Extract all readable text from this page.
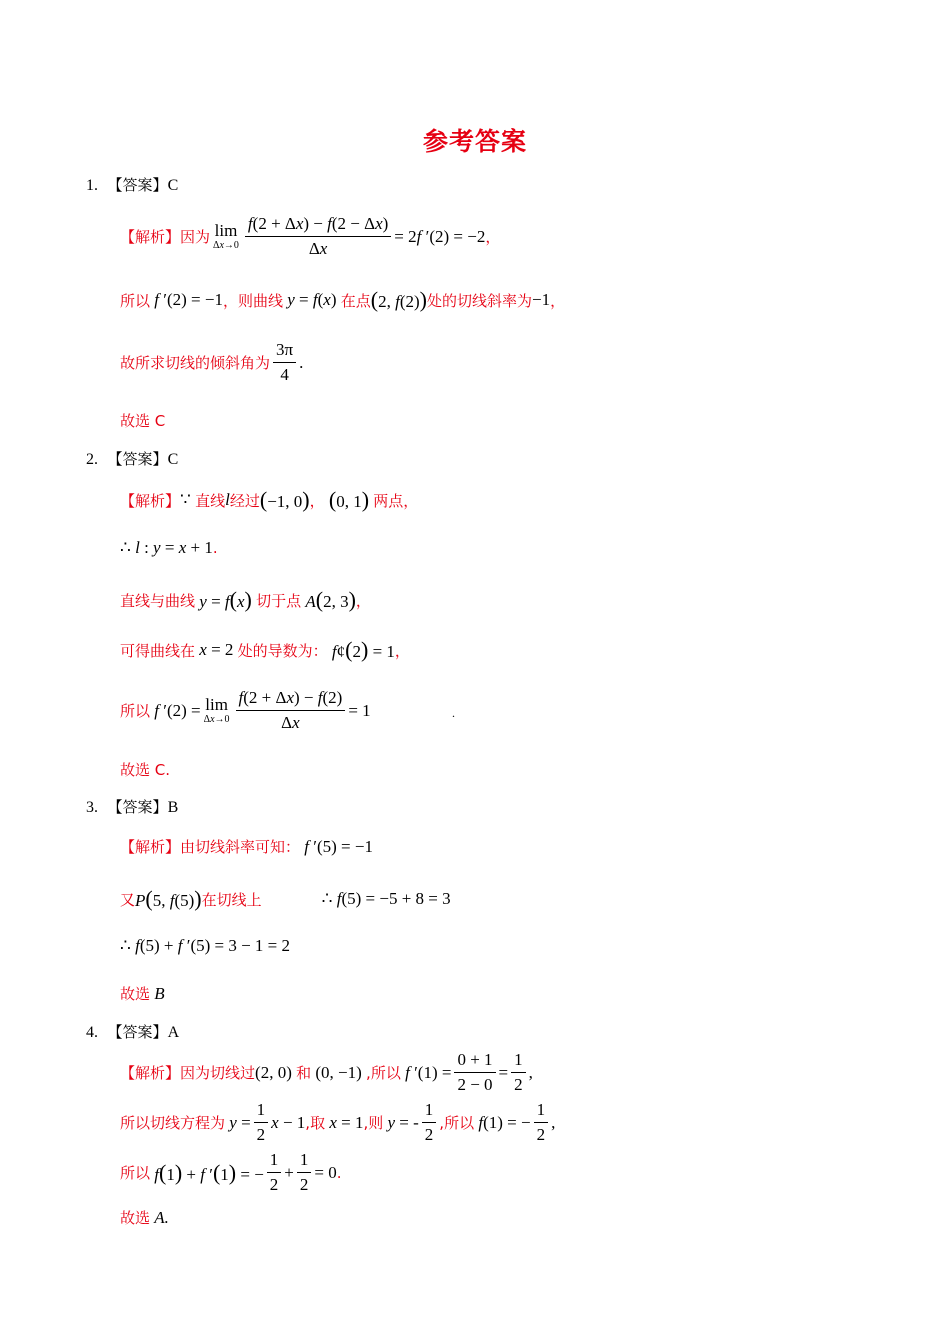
参考答案
1. 【答案】C
【解析】 因为 lim
$\Delta x\to 0 \frac{f(2 + \Delta x) - f(2 - \Delta x)}{\Delta x} = 2f$ ′(2) = −2 ，
所以 f ′(2) = −1 ，则曲线 y = f(x) 在点 (2, f(2)) 处的切线斜率为 −1 ，
故所求切线的倾斜角为 $\frac{3\pi}{4}$ .
故选 C
2. 【答案】C
【解析】 ∵ 直线 l 经过 (−1, 0) ， (0, 1) 两点，
∴ l : y = x + 1 .
直线与曲线 y = f(x) 切于点 A(2, 3) ，
可得曲线在 x = 2 处的导数为： f¢(2) = 1 ，
所以 f ′(2) = lim
$\Delta x\to 0 \frac{f(2 + \Delta x) - f(2)}{\Delta x} = 1$	.
故选 C.
3. 【答案】B
【解析】 由切线斜率可知： f ′(5) = −1
又 P(5, f(5)) 在切线上	∴ f(5) = −5 + 8 = 3
∴ f(5) + f ′(5) = 3 − 1 = 2
故选 B
4. 【答案】A
【解析】 因为切线过 (2, 0) 和 (0, −1) ,所以 f $'(1) = \frac{0 + 1}{2 - 0} = \frac{1}{2}$ ,
所以切线方程为 $y = \frac{1}{2}$ x − 1 ,取 x = 1 ,则 y = - $\frac{1}{2}$ ,所以 f(1) = − $\frac{1}{2}$ ,
所以 f(1) + f ′(1) = − $\frac{1}{2} + \frac{1}{2} = 0$ .
故选 A.
